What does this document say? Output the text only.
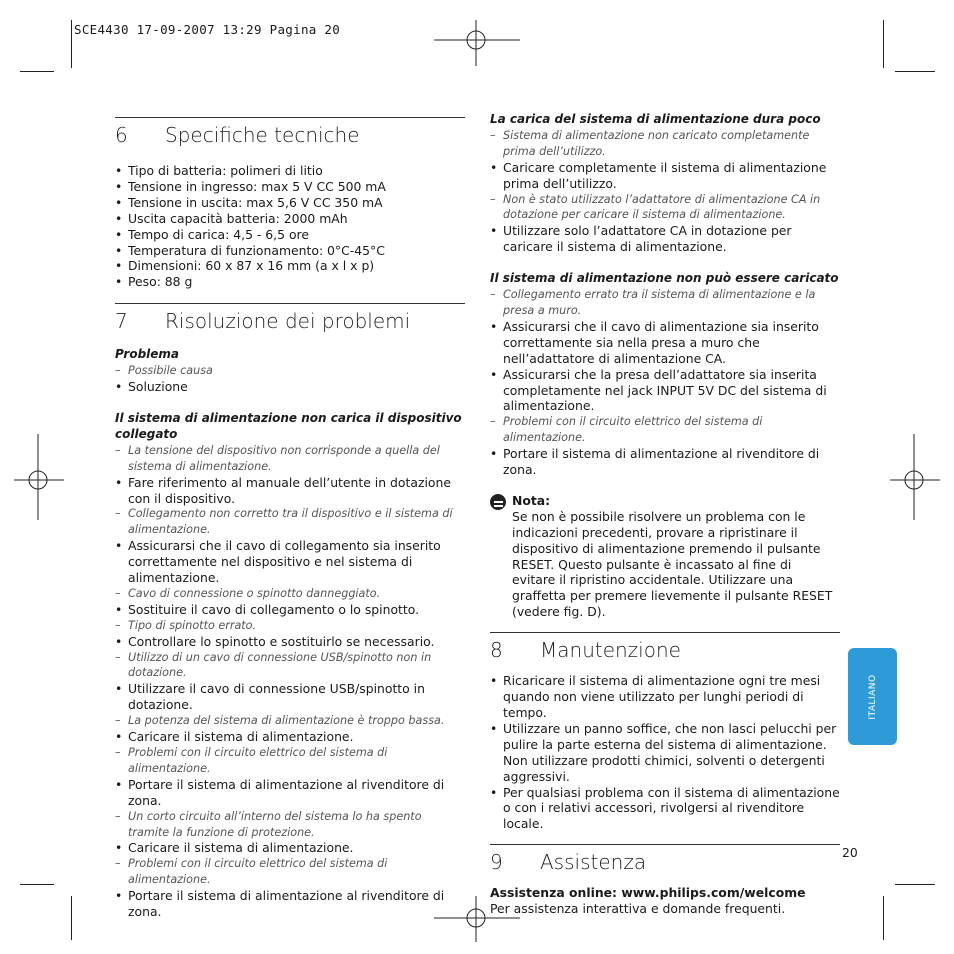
SCE4430 17-09-2007 13:29 Pagina 20
6	Specifiche tecniche
• Tipo di batteria: polimeri di litio
• Tensione in ingresso: max 5 V CC 500 mA
• Tensione in uscita: max 5,6 V CC 350 mA
• Uscita capacità batteria: 2000 mAh
• Tempo di carica: 4,5 - 6,5 ore
• Temperatura di funzionamento: 0°C-45°C
• Dimensioni: 60 x 87 x 16 mm (a x l x p)
• Peso: 88 g
7	Risoluzione dei problemi
Problema
– Possibile causa
• Soluzione
Il sistema di alimentazione non carica il dispositivo collegato
– La tensione del dispositivo non corrisponde a quella del sistema di alimentazione.
• Fare riferimento al manuale dell’utente in dotazione con il dispositivo.
– Collegamento non corretto tra il dispositivo e il sistema di alimentazione.
• Assicurarsi che il cavo di collegamento sia inserito correttamente nel dispositivo e nel sistema di alimentazione.
– Cavo di connessione o spinotto danneggiato.
• Sostituire il cavo di collegamento o lo spinotto.
– Tipo di spinotto errato.
• Controllare lo spinotto e sostituirlo se necessario.
– Utilizzo di un cavo di connessione USB/spinotto non in dotazione.
• Utilizzare il cavo di connessione USB/spinotto in dotazione.
– La potenza del sistema di alimentazione è troppo bassa.
• Caricare il sistema di alimentazione.
– Problemi con il circuito elettrico del sistema di alimentazione.
• Portare il sistema di alimentazione al rivenditore di zona.
– Un corto circuito all’interno del sistema lo ha spento tramite la funzione di protezione.
• Caricare il sistema di alimentazione.
– Problemi con il circuito elettrico del sistema di alimentazione.
• Portare il sistema di alimentazione al rivenditore di zona.
La carica del sistema di alimentazione dura poco
– Sistema di alimentazione non caricato completamente prima dell’utilizzo.
• Caricare completamente il sistema di alimentazione prima dell’utilizzo.
– Non è stato utilizzato l’adattatore di alimentazione CA in dotazione per caricare il sistema di alimentazione.
• Utilizzare solo l’adattatore CA in dotazione per caricare il sistema di alimentazione.
Il sistema di alimentazione non può essere caricato
– Collegamento errato tra il sistema di alimentazione e la presa a muro.
• Assicurarsi che il cavo di alimentazione sia inserito correttamente sia nella presa a muro che nell’adattatore di alimentazione CA.
• Assicurarsi che la presa dell’adattatore sia inserita completamente nel jack INPUT 5V DC del sistema di alimentazione.
– Problemi con il circuito elettrico del sistema di alimentazione.
• Portare il sistema di alimentazione al rivenditore di zona.
Nota:
Se non è possibile risolvere un problema con le indicazioni precedenti, provare a ripristinare il dispositivo di alimentazione premendo il pulsante RESET. Questo pulsante è incassato al fine di evitare il ripristino accidentale. Utilizzare una graffetta per premere lievemente il pulsante RESET (vedere fig. D).
8	Manutenzione
• Ricaricare il sistema di alimentazione ogni tre mesi quando non viene utilizzato per lunghi periodi di tempo.
• Utilizzare un panno soffice, che non lasci pelucchi per pulire la parte esterna del sistema di alimentazione. Non utilizzare prodotti chimici, solventi o detergenti aggressivi.
• Per qualsiasi problema con il sistema di alimentazione o con i relativi accessori, rivolgersi al rivenditore locale.
9	Assistenza
Assistenza online: www.philips.com/welcome
Per assistenza interattiva e domande frequenti.
ITALIANO
20
